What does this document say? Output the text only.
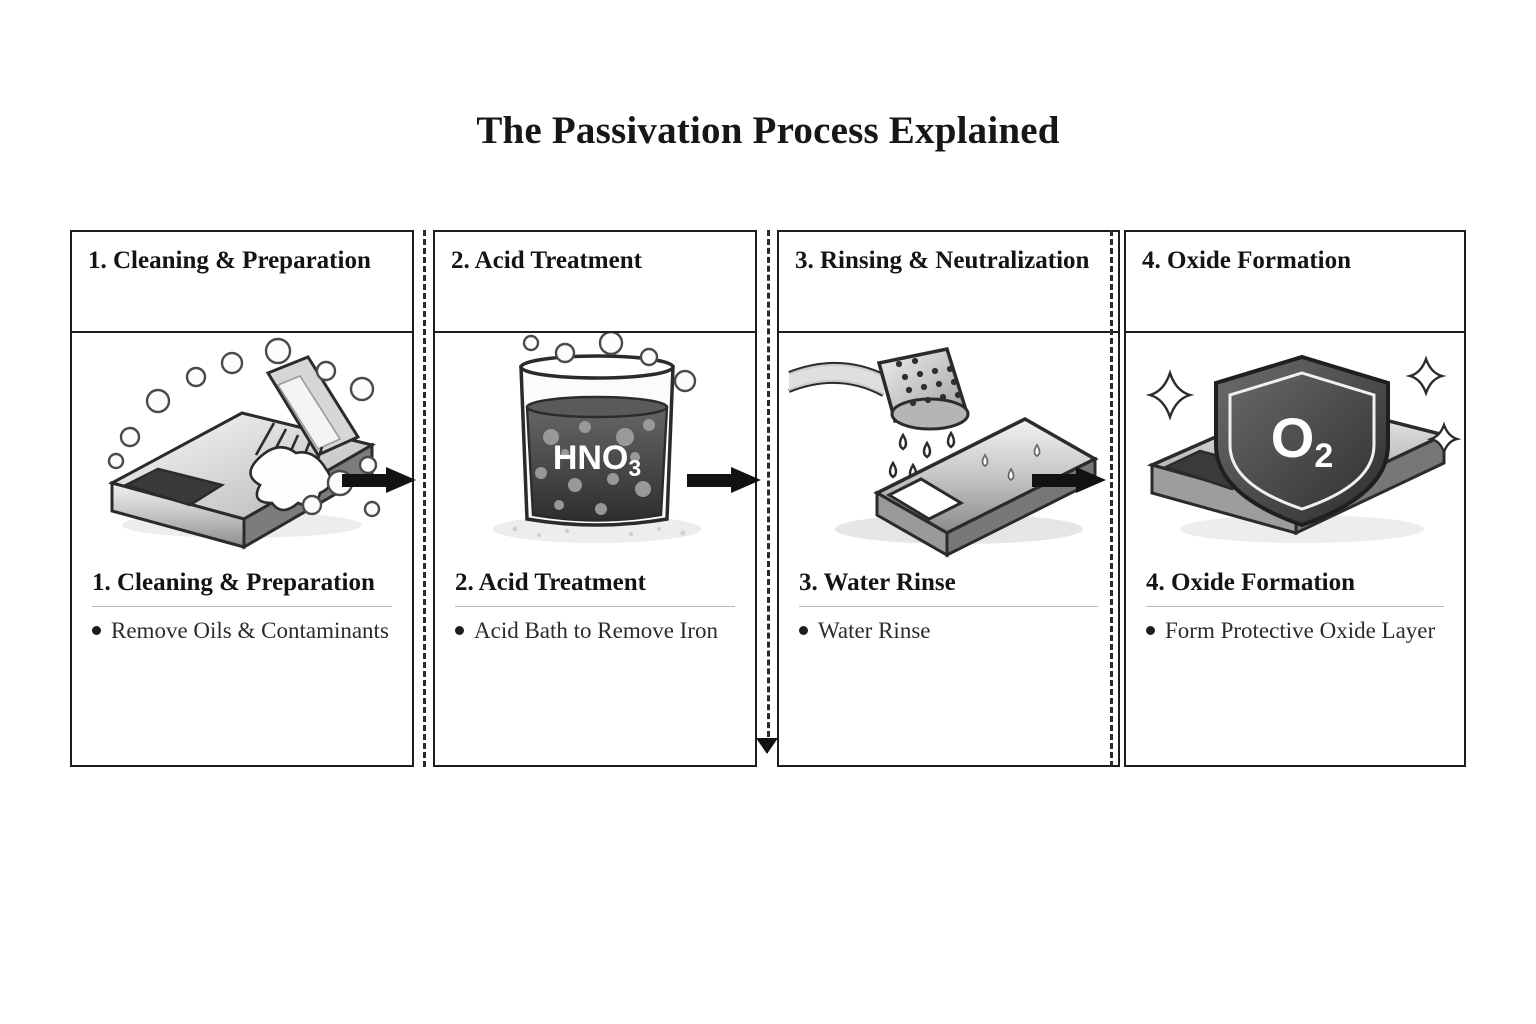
The Passivation Process Explained
1. Cleaning & Preparation
1. Cleaning & Preparation
Remove Oils & Contaminants
2. Acid Treatment
$HNO_3$
2. Acid Treatment
Acid Bath to Remove Iron
3. Rinsing & Neutralization
3. Water Rinse
Water Rinse
4. Oxide Formation
O2
4. Oxide Formation
Form Protective Oxide Layer
